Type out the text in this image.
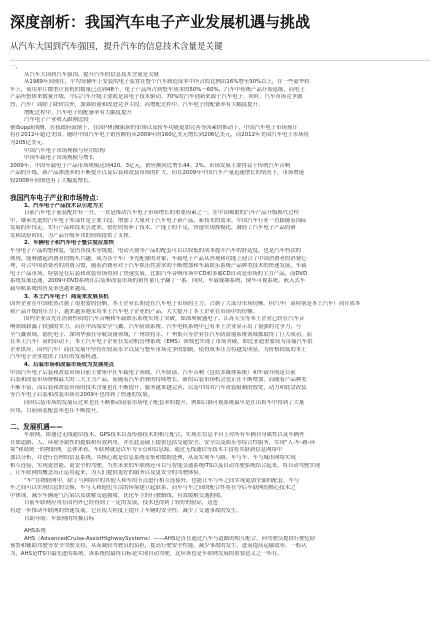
深度剖析：我国汽车电子产业发展机遇与挑战
从汽车大国到汽车强国，提升汽车的信息技术含量是关键
一、
从汽车大国到汽车强国，提升汽车的信息技术含量是关键
从1989年到现在，平均每辆车上安装的电子装置在整个汽车制造成本中所占的比例由16%增至30%以上，在一些豪华轿
车上，使用单片微型计算机的数量已达到48个，电子产品所占到整车成本的50%～60%。汽车中传统产品开始退缩，而电子
产品所整体来数量升级，今后汽车升级主要就是由电子技术驱动，70%的汽车创新来源于汽车电子。同时，汽车市场竞争激
烈，汽车厂商除了降价以外，加强质量和改进竞争手段，而增配过程中，汽车电子的配备率有大幅度提升。
增配过程中，汽车电子的配备率有大幅度提升
汽车电子产业收入跟刚比较
据iSuppli预测，在我政府鼓励下，在国内机械振新的市场以及轿车功能更加完善等因素的推动下，中国汽车电子市场预计
将在2012年超过美国。随时中国汽车电子销售额将从2009年的160亿美元增长到206亿美元，而2012年美国汽车电子市场将
为205亿美元。
中国汽车电子市场规模与应用结构
中国车载电子市场规模与增长
2009年，中国车载电子产品市场规模达到420。3亿元，销售额同比增长44。2%。市场发展主要得益于传统汽车音响
产品的升级、新产品渗透率的不断提升以及后装和改装市场的扩大。但在2009年中国汽车产量迅速增长的情况下，市场增速
较2008年同期也有了大幅度增长。
我国汽车电子产业和市场特点：
1、汽车电子产品技术以引进为主
目前汽车电子前装配件有一升，一直是推动汽车电子市场增长的重要因素之一。在中国频繁的汽车产品升级换代过程
中，继承先进的汽车电子零部件是主要手段，增加了大量对于汽车电子新产品、新技术的需求。中国汽车行业一直跟随着国际
发展的步伐走，实行产品和技术引进来，借好的帮补了技术、产能上的不足，快速实现规模化，减轻了汽车电子产品的研
发和试验时间，为产品升级步伐的持续提供了支撑。
2、车辆电子和汽车电子整合度应加快
车身电子产品的整和度，受仍各技术等级提，电动天窗等产品的配套可以以较低的成本提升汽车的舒适度，也是汽车档次的
体现，能够激起消费者的购买兴趣，成为各个车厂争先配备的对象；车载电子产品从外观和功能上迎合了中国消费者的消费心
理，符合中国消费者的消费习惯，随着消费者对于汽车娱乐性需求的不断增加和车载娱乐系统产品种类技术的快速发展，车载
电子产品市场，特别是在后装和改装市场得到了快速发展。比如汽车音响市场中CD和多碟CD自动是市场的主力产品，而DVD
系统发展迅速，2009年DVD系统在后装和改装市场的销售量几乎翻了一番。同时，车载视频系统，倒车可视系统、嵌入式车
载导航系统的普及率也越来越高。
3、本土汽车电子厂商迎来发展良机
国外企业在中国依然占据了很重要的份额。本土企业长期处在汽车电子市场的主力，占据了大部分市场份额。但汽车厂商特别是本土汽车厂商在成本
和产品升级的压力下，越来越多地采用本土汽车电子企业的产品，大大提升了本土企业在市场中的份额。
国内企业首先在消费性质的汽车音响和车载娱乐系统实现了突破，如深圳航盛电子、江苏天宝等本土企业已经在汽车音
响领域崭露了较强的实力。而在中高端安全气囊、汽车防盗系统、汽车电机系统中已有本土企业显示出了很强的竞争力，与
全气囊领域，德托电子、深圳华强在导航设备领域，广州铁将军、广州集兵等企业在汽车防盗器系统领域都取得了巨大成功。而
在本土汽车厂商的带动下，本土汽车电子企业在发动机管理系统（EMS）领域也实现了市场突破，如比亚迪重要成为奇瑞汽车供
企业供应。国内汽车厂商在发展中坚持在较高水平以及与整车市场竞争的加剧，使得成本压力将越发明显，为价格较低的本土
汽车电子企业提供了良好的发展机遇。
4、后装市场和改装市场成为发展亮点
中国汽车电子后装和改装市场目前主要集中在车载电子领域，汽车防盗、汽车音响（包括多媒体系统）和车载导航是目前
后装和改装市场规模最大的三大主力产品，而随着汽车消费的持续增长，新的后装市场机会也正在不断增加，而随着产品种类
不断丰富，而后装和改装市场的技术含量也在不断提升，服务越来越完善，以及中国对汽车改装限制的放宽，动力和底盘改装
等汽车电子后装和改装市场在2009年也得到了快速的发展。
同时后装市场的发展反过来也在不断推动前装市场电子配套率的提升，例如后倒可视系统最早是在出租车中得到了大量
应用，目前前装配套率也在不断提升。
二、发展机遇——
车联网，即通过无线通信技术、GPS技术以及传感技术的相互配合，实现在信息平台上对所有车辆自身属性以及车辆外
在如道路、人、环境等属性的提取和有效利用，并在此基础上提供包括交通安全、安全以及娱乐等综合性服务，实现“人-车-路-环
境”和谐统一的物联网。总体来看，车联网就是以车为节点和信息源，通过无线通信等技术手段将其联到信息网络中
加以分析，并进行管理的信息系统。其核心就是信息系统采集和数据处理，从而实现车与路、车与车、车与城市网络实现
相互连接，实现更智能、更安全的驾驶。当然未来的车联网还可以与智能交通系统ITS以及自动驾驶系统结合起来，将自动驾驶实现
，让车联网的概念真正运用起来，为人们提供更好的服务以及更安全的驾驶体验。
“车”在物联网中，除了与网络中的其他人和车的节点进行相互连接外，也能让车与车之间实现更加全面的配套，车与
车之间可以实现信息的交换，车与人和他们生活的环境建立起联系，而车与车之间的配合性将在今后车联网的核心技术之
中体现。减少车辆尾气污染以及缓解交通拥堵，优化车主的行驶路线，有效缓解交通拥堵。
目前车联网应用在国内外已经得到了一定的发展，技术也得到了较好的验证，这也
将进一步推动车联网的快速发展，它在很大程度上提升了车辆的安全性，减少了交通事故的发生。
自助导航：车联网的终极目标
AHS系统
AHS（AdvancedCruise-AssistHighwaySystems）——AHS是首在通过汽车与道路的相互配合，向驾驶员提供行驶危险
预警和辅助驾驶等安全驾驶支持，从而减轻驾驶员的负担，提高行驶安全性能，减少事故的发生，进而提高运输效率。一般认
为，AHS是ITS中最先进的系统。该系统的最终目标是实现自动驾驶。这应该也是车联网发展的重要意义之一所在。
